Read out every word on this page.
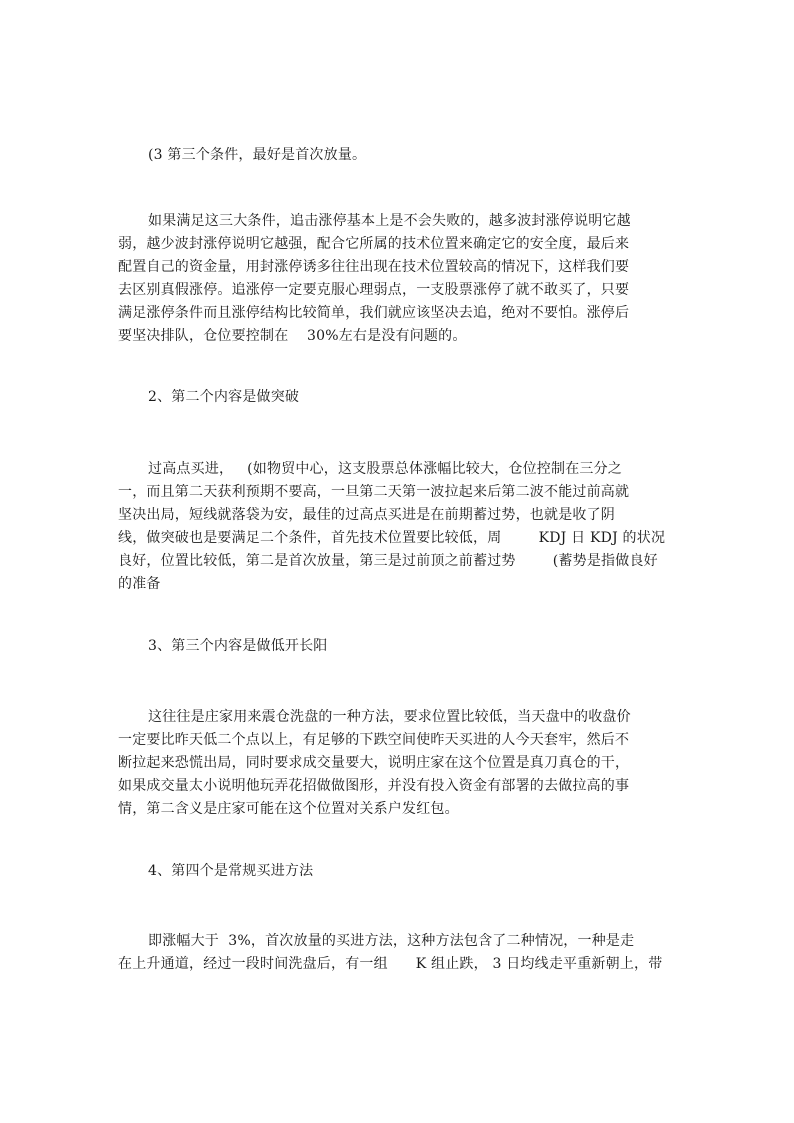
(3 第三个条件，最好是首次放量。
如果满足这三大条件，追击涨停基本上是不会失败的，越多波封涨停说明它越
弱，越少波封涨停说明它越强，配合它所属的技术位置来确定它的安全度，最后来
配置自己的资金量，用封涨停诱多往往出现在技术位置较高的情况下，这样我们要
去区别真假涨停。追涨停一定要克服心理弱点，一支股票涨停了就不敢买了，只要
满足涨停条件而且涨停结构比较简单，我们就应该坚决去追，绝对不要怕。涨停后
要坚决排队，仓位要控制在    30%左右是没有问题的。
2、第二个内容是做突破
过高点买进，   (如物贸中心，这支股票总体涨幅比较大，仓位控制在三分之
一，而且第二天获利预期不要高，一旦第二天第一波拉起来后第二波不能过前高就
坚决出局，短线就落袋为安，最佳的过高点买进是在前期蓄过势，也就是收了阴
线，做突破也是要满足二个条件，首先技术位置要比较低，周        KDJ 日 KDJ 的状况
良好，位置比较低，第二是首次放量，第三是过前顶之前蓄过势        (蓄势是指做良好
的准备
3、第三个内容是做低开长阳
这往往是庄家用来震仓洗盘的一种方法，要求位置比较低，当天盘中的收盘价
一定要比昨天低二个点以上，有足够的下跌空间使昨天买进的人今天套牢，然后不
断拉起来恐慌出局，同时要求成交量要大，说明庄家在这个位置是真刀真仓的干，
如果成交量太小说明他玩弄花招做做图形，并没有投入资金有部署的去做拉高的事
情，第二含义是庄家可能在这个位置对关系户发红包。
4、第四个是常规买进方法
即涨幅大于  3%，首次放量的买进方法，这种方法包含了二种情况，一种是走
在上升通道，经过一段时间洗盘后，有一组      K 组止跌， 3 日均线走平重新朝上，带
